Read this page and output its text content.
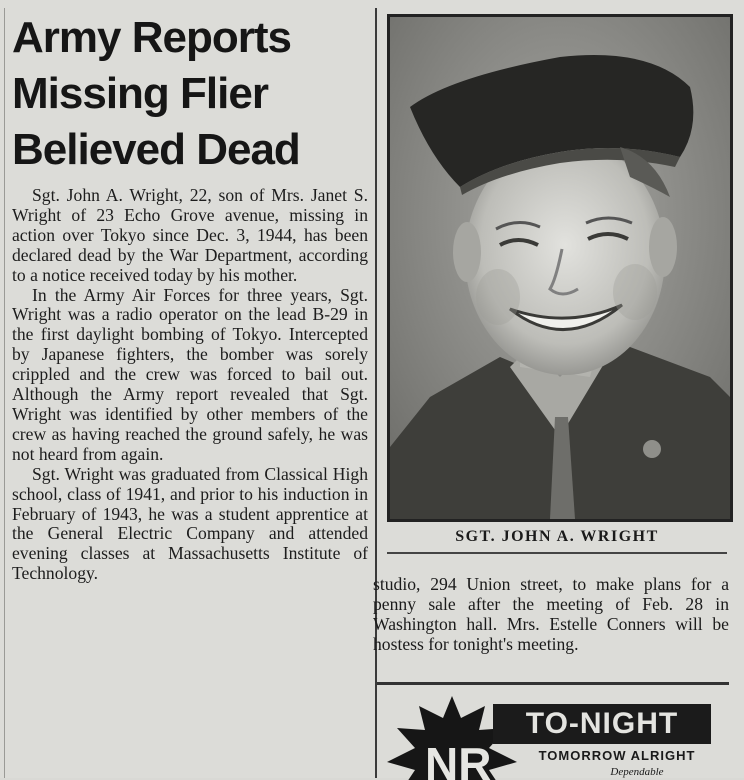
Army Reports
Missing Flier
Believed Dead

Sgt. John A. Wright, 22, son of Mrs. Janet S. Wright of 23 Echo Grove avenue, missing in action over Tokyo since Dec. 3, 1944, has been declared dead by the War Department, according to a notice received today by his mother.

In the Army Air Forces for three years, Sgt. Wright was a radio operator on the lead B-29 in the first daylight bombing of Tokyo. Intercepted by Japanese fighters, the bomber was sorely crippled and the crew was forced to bail out. Although the Army report revealed that Sgt. Wright was identified by other members of the crew as having reached the ground safely, he was not heard from again.

Sgt. Wright was graduated from Classical High school, class of 1941, and prior to his induction in February of 1943, he was a student apprentice at the General Electric Company and attended evening classes at Massachusetts Institute of Technology.

SGT. JOHN A. WRIGHT

studio, 294 Union street, to make plans for a penny sale after the meeting of Feb. 28 in Washington hall. Mrs. Estelle Conners will be hostess for tonight's meeting.

NR
TO-NIGHT
TOMORROW ALRIGHT
Dependable
